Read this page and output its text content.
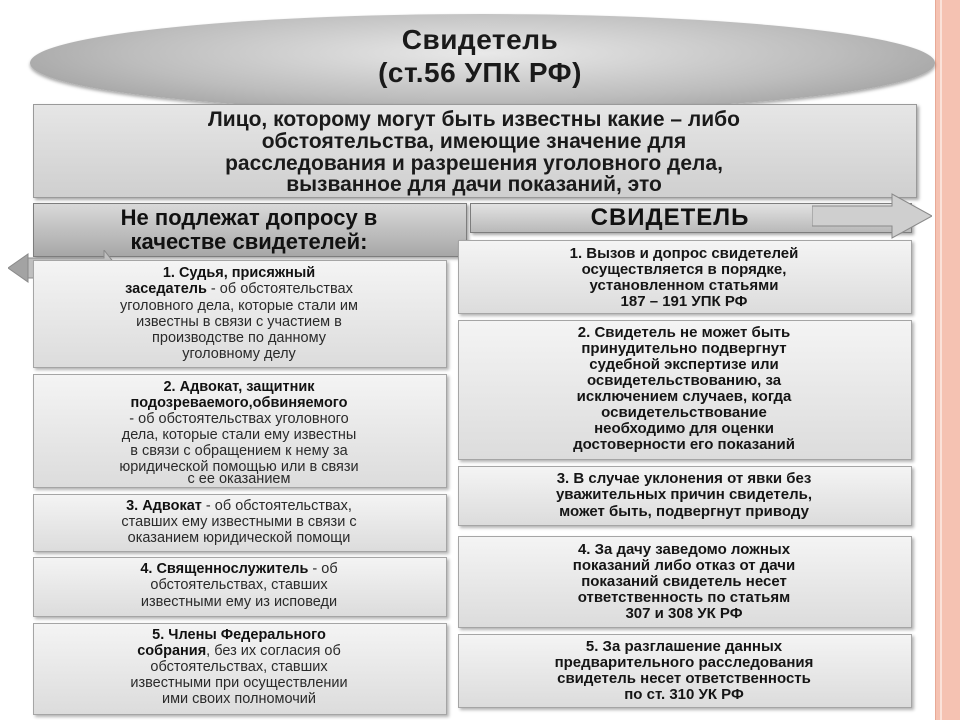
Свидетель
(ст.56 УПК РФ)
Лицо, которому могут быть известны какие – либо
обстоятельства, имеющие значение для
расследования и разрешения уголовного дела,
вызванное для дачи показаний, это
Не подлежат допросу в
качестве свидетелей:
СВИДЕТЕЛЬ
1. Судья, присяжный
заседатель - об обстоятельствах
уголовного дела, которые стали им
известны в связи с участием в
производстве по данному
уголовному делу
2. Адвокат, защитник
подозреваемого,обвиняемого
- об обстоятельствах уголовного
дела, которые стали ему известны
в связи с обращением к нему за
юридической помощью или в связи
с ее оказанием
3. Адвокат - об обстоятельствах,
ставших ему известными в связи с
оказанием юридической помощи
4. Священнослужитель - об
обстоятельствах, ставших
известными ему из исповеди
5. Члены Федерального
собрания, без их согласия об
обстоятельствах, ставших
известными при осуществлении
ими своих полномочий
1. Вызов и допрос свидетелей
осуществляется в порядке,
установленном статьями
187 – 191 УПК РФ
2. Свидетель не может быть
принудительно подвергнут
судебной экспертизе или
освидетельствованию, за
исключением случаев, когда
освидетельствование
необходимо для оценки
достоверности его показаний
3. В случае уклонения от явки без
уважительных причин свидетель,
может быть, подвергнут приводу
4. За дачу заведомо ложных
показаний либо отказ от дачи
показаний свидетель несет
ответственность по статьям
307 и 308 УК РФ
5. За разглашение данных
предварительного расследования
свидетель несет ответственность
по ст. 310 УК РФ
